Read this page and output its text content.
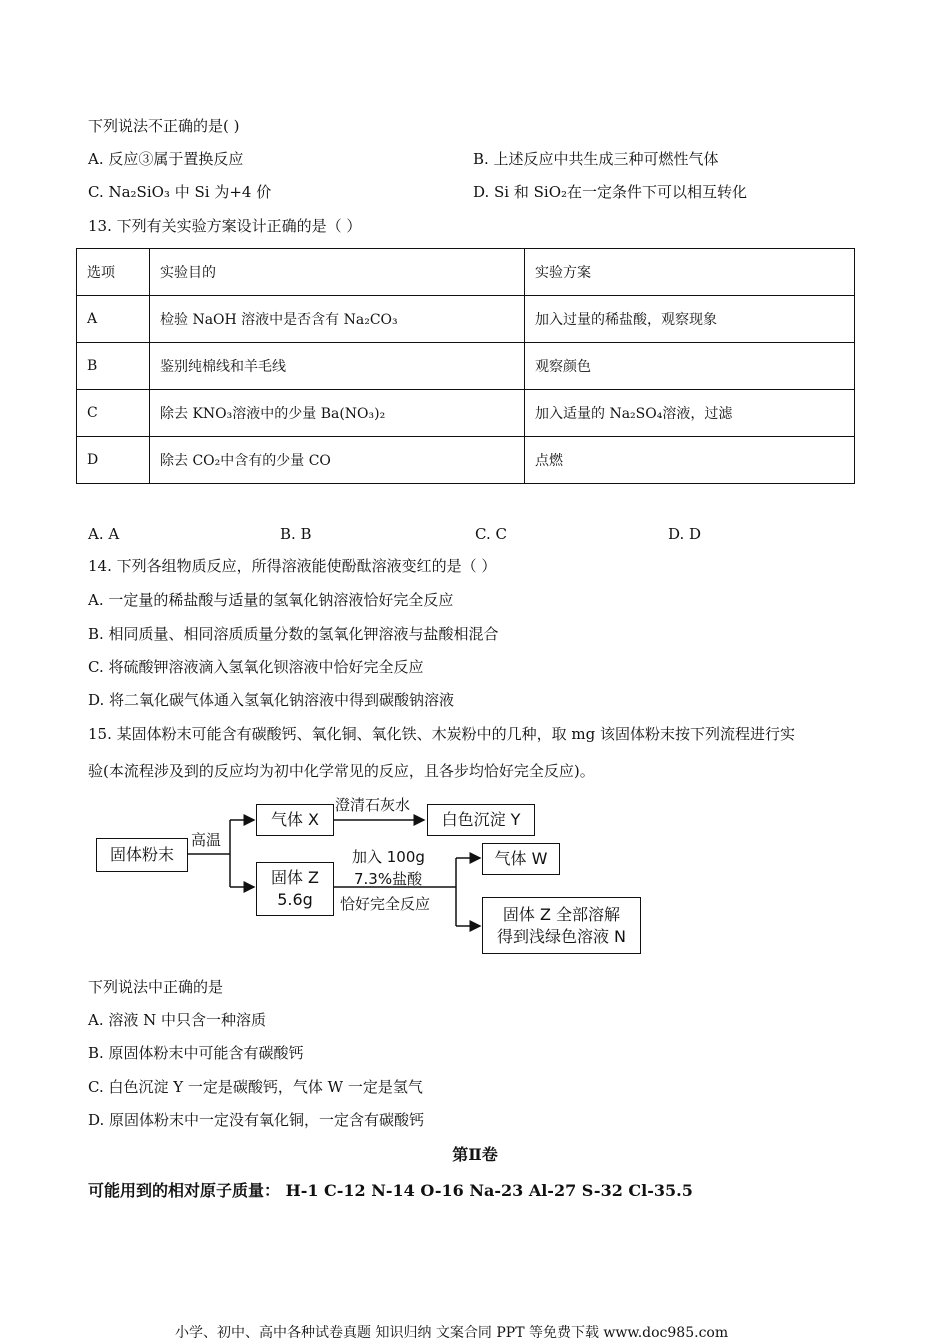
下列说法不正确的是( )
A. 反应③属于置换反应	B. 上述反应中共生成三种可燃性气体
C. Na₂SiO₃ 中 Si 为+4 价	D. Si 和 SiO₂在一定条件下可以相互转化
13. 下列有关实验方案设计正确的是（ ）
选项	实验目的	实验方案
A	检验 NaOH 溶液中是否含有 Na₂CO₃	加入过量的稀盐酸，观察现象
B	鉴别纯棉线和羊毛线	观察颜色
C	除去 KNO₃溶液中的少量 Ba(NO₃)₂	加入适量的 Na₂SO₄溶液，过滤
D	除去 CO₂中含有的少量 CO	点燃
A. A	B. B	C. C	D. D
14. 下列各组物质反应，所得溶液能使酚酞溶液变红的是（ ）
A. 一定量的稀盐酸与适量的氢氧化钠溶液恰好完全反应
B. 相同质量、相同溶质质量分数的氢氧化钾溶液与盐酸相混合
C. 将硫酸钾溶液滴入氢氧化钡溶液中恰好完全反应
D. 将二氧化碳气体通入氢氧化钠溶液中得到碳酸钠溶液
15. 某固体粉末可能含有碳酸钙、氧化铜、氧化铁、木炭粉中的几种，取 mg 该固体粉末按下列流程进行实
验(本流程涉及到的反应均为初中化学常见的反应，且各步均恰好完全反应)。
固体粉末
高温
气体 X
澄清石灰水
白色沉淀 Y
固体 Z
5.6g
加入 100g
7.3%盐酸
恰好完全反应
气体 W
固体 Z 全部溶解
得到浅绿色溶液 N
下列说法中正确的是
A. 溶液 N 中只含一种溶质
B. 原固体粉末中可能含有碳酸钙
C. 白色沉淀 Y 一定是碳酸钙，气体 W 一定是氢气
D. 原固体粉末中一定没有氧化铜，一定含有碳酸钙
第Ⅱ卷
可能用到的相对原子质量： H-1 C-12 N-14 O-16 Na-23 Al-27 S-32 Cl-35.5
小学、初中、高中各种试卷真题 知识归纳 文案合同 PPT 等免费下载 www.doc985.com
